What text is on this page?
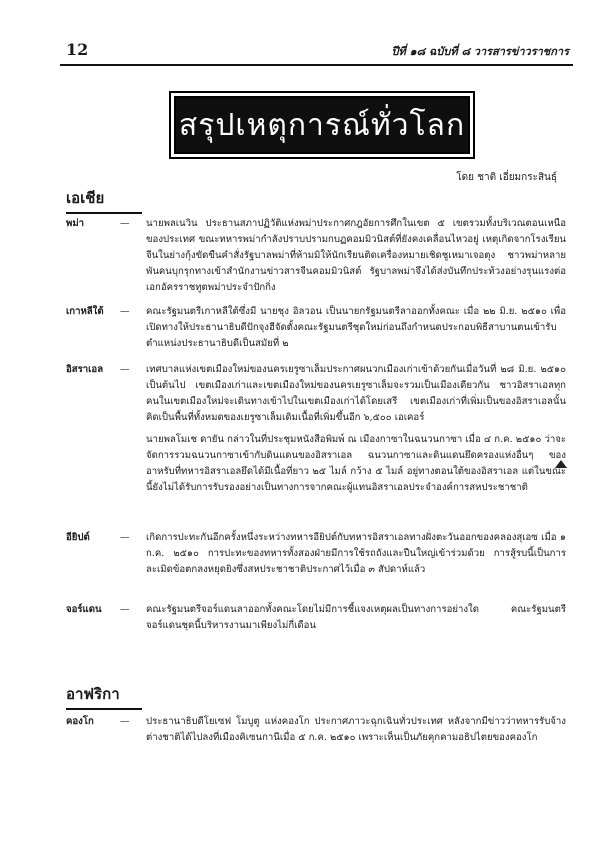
12	ปีที่ ๑๘ ฉบับที่ ๘ วารสารข่าวราชการ
สรุปเหตุการณ์ทั่วโลก
โดย ชาติ เอี่ยมกระสินธุ์
เอเชีย
พม่า	— นายพลเนวิน ประธานสภาปฏิวัติแห่งพม่าประกาศกฎอัยการศึกในเขต ๕ เขตรวมทั้งบริเวณตอนเหนือของประเทศ ขณะทหารพม่ากำลังปราบปรามกบฏคอมมิวนิสต์ที่ยังคงเคลื่อนไหวอยู่ เหตุเกิดจากโรงเรียนจีนในย่างกุ้งขัดขืนคำสั่งรัฐบาลพม่าที่ห้ามมิให้นักเรียนติดเครื่องหมายเชิดชูเหมาเจอตุง ชาวพม่าหลายพันคนบุกรุกทางเข้าสำนักงานข่าวสารจีนคอมมิวนิสต์ รัฐบาลพม่าจึงได้ส่งบันทึกประท้วงอย่างรุนแรงต่อเอกอัครราชทูตพม่าประจำปักกิ่ง

เกาหลีใต้	— คณะรัฐมนตรีเกาหลีใต้ซึ่งมี นายชุง อิลวอน เป็นนายกรัฐมนตรีลาออกทั้งคณะ เมื่อ ๒๒ มิ.ย. ๒๕๑๐ เพื่อเปิดทางให้ประธานาธิบดีปักจุงฮีจัดตั้งคณะรัฐมนตรีชุดใหม่ก่อนถึงกำหนดประกอบพิธีสาบานตนเข้ารับตำแหน่งประธานาธิบดีเป็นสมัยที่ ๒

อิสราเอล	— เทศบาลแห่งเขตเมืองใหม่ของนครเยรูซาเล็มประกาศผนวกเมืองเก่าเข้าด้วยกันเมื่อวันที่ ๒๘ มิ.ย. ๒๕๑๐ เป็นต้นไป เขตเมืองเก่าและเขตเมืองใหม่ของนครเยรูซาเล็มจะรวมเป็นเมืองเดียวกัน ชาวอิสราเอลทุกคนในเขตเมืองใหม่จะเดินทางเข้าไปในเขตเมืองเก่าได้โดยเสรี เขตเมืองเก่าที่เพิ่มเป็นของอิสราเอลนั้น คิดเป็นพื้นที่ทั้งหมดของเยรูซาเล็มเดิมเนื้อที่เพิ่มขึ้นอีก ๖,๕๐๐ เอเคอร์

นายพลโมเช ดายัน กล่าวในที่ประชุมหนังสือพิมพ์ ณ เมืองกาซาในฉนวนกาซา เมื่อ ๔ ก.ค. ๒๕๑๐ ว่าจะจัดการรวมฉนวนกาซาเข้ากับดินแดนของอิสราเอล ฉนวนกาซาและดินแดนยึดครองแห่งอื่นๆ ของอาหรับที่ทหารอิสราเอลยึดได้มีเนื้อที่ยาว ๒๕ ไมล์ กว้าง ๕ ไมล์ อยู่ทางตอนใต้ของอิสราเอล แต่ในขณะนี้ยังไม่ได้รับการรับรองอย่างเป็นทางการจากคณะผู้แทนอิสราเอลประจำองค์การสหประชาชาติ

อียิปต์	— เกิดการปะทะกันอีกครั้งหนึ่งระหว่างทหารอียิปต์กับทหารอิสราเอลทางฝั่งตะวันออกของคลองสุเอซ เมื่อ ๑ ก.ค. ๒๕๑๐ การปะทะของทหารทั้งสองฝ่ายมีการใช้รถถังและปืนใหญ่เข้าร่วมด้วย การสู้รบนี้เป็นการละเมิดข้อตกลงหยุดยิงซึ่งสหประชาชาติประกาศไว้เมื่อ ๓ สัปดาห์แล้ว

จอร์แดน	— คณะรัฐมนตรีจอร์แดนลาออกทั้งคณะโดยไม่มีการชี้แจงเหตุผลเป็นทางการอย่างใด คณะรัฐมนตรีจอร์แดนชุดนี้บริหารงานมาเพียงไม่กี่เดือน

อาฟริกา
คองโก	— ประธานาธิบดีโยเซฟ โมบูตู แห่งคองโก ประกาศภาวะฉุกเฉินทั่วประเทศ หลังจากมีข่าวว่าทหารรับจ้างต่างชาติได้ไปลงที่เมืองคิเซนกานีเมื่อ ๕ ก.ค. ๒๕๑๐ เพราะเห็นเป็นภัยคุกคามอธิปไตยของคองโก
